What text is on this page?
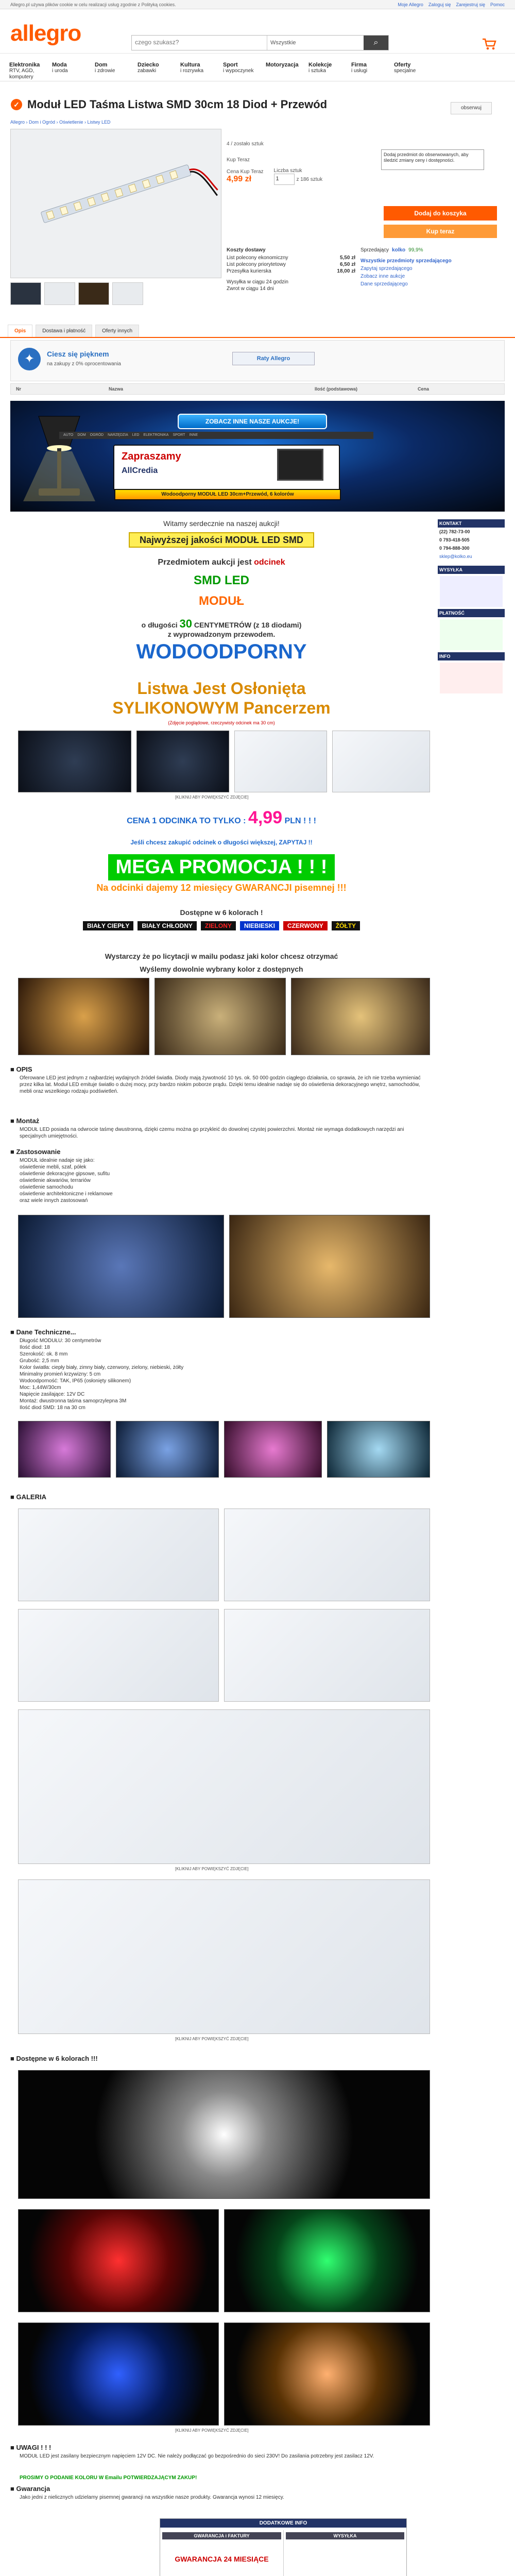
Allegro.pl używa plików cookie w celu realizacji usług zgodnie z Polityką cookies.	Moje Allegro Zaloguj się Zarejestruj się Pomoc
allegro
czego szukasz?	Wszystkie	⌕
Elektronika
RTV, AGD, komputery
Moda
i uroda
Dom
i zdrowie
Dziecko
zabawki
Kultura
i rozrywka
Sport
i wypoczynek
Motoryzacja	Kolekcje
i sztuka
Firma
i usługi
Oferty
specjalne
Dodaj przedmiot do obserwowanych, aby śledzić zmiany ceny i dostępności.
✓ Moduł LED Taśma Listwa SMD 30cm 18 Diod + Przewód	obserwuj
Allegro › Dom i Ogród › Oświetlenie › Listwy LED
4 / zostało sztuk
Kup Teraz
Cena Kup Teraz
4,99 zł
Liczba sztuk
1	z 186 sztuk
Dodaj do koszyka
Kup teraz
Sprzedający kolko 99,9%
Wszystkie przedmioty sprzedającego
Zapytaj sprzedającego
Zobacz inne aukcje
Dane sprzedającego
Koszty dostawy
List polecony ekonomiczny	5,50 zł
List polecony priorytetowy	6,50 zł
Przesyłka kurierska	18,00 zł
Wysyłka w ciągu 24 godzin
Zwrot w ciągu 14 dni
Opis	Dostawa i płatność	Oferty innych
✦	Ciesz się pięknem
na zakupy z 0% oprocentowania
Raty Allegro
Nr	Nazwa	Ilość (podstawowa)	Cena
ZOBACZ INNE NASZE AUKCJE!
AUTO DOM OGRÓD NARZĘDZIA LED ELEKTRONIKA SPORT INNE
Zapraszamy
AllCredia
Wodoodporny MODUŁ LED 30cm+Przewód, 6 kolorów
KONTAKT
(22) 782-73-00
0 793-418-505
0 794-888-300
sklep@kolko.eu
WYSYŁKA
PŁATNOŚĆ
INFO
Witamy serdecznie na naszej aukcji!
Najwyższej jakości MODUŁ LED SMD
Przedmiotem aukcji jest odcinek
SMD LED
MODUŁ
o długości 30 CENTYMETRÓW (z 18 diodami)
z wyprowadzonym przewodem.
WODOODPORNY
Listwa Jest Osłonięta
SYLIKONOWYM Pancerzem
(Zdjęcie poglądowe, rzeczywisty odcinek ma 30 cm)
[KLIKNIJ ABY POWIĘKSZYĆ ZDJĘCIE]
CENA 1 ODCINKA TO TYLKO : 4,99 PLN ! ! !
Jeśli chcesz zakupić odcinek o długości większej, ZAPYTAJ !!
MEGA PROMOCJA ! ! !
Na odcinki dajemy 12 miesięcy GWARANCJI pisemnej !!!
Dostępne w 6 kolorach !
BIAŁY CIEPŁY	BIAŁY CHŁODNY	ZIELONY	NIEBIESKI	CZERWONY	ŻÓŁTY
Wystarczy że po licytacji w mailu podasz jaki kolor chcesz otrzymać
Wyślemy dowolnie wybrany kolor z dostępnych
■ OPIS
Oferowane LED jest jednym z najbardziej wydajnych źródeł światła. Diody mają żywotność 10 tys. ok. 50 000 godzin ciągłego działania, co sprawia, że ich nie trzeba wymieniać przez kilka lat. Moduł LED emituje światło o dużej mocy, przy bardzo niskim poborze prądu. Dzięki temu idealnie nadaje się do oświetlenia dekoracyjnego wnętrz, samochodów, mebli oraz wszelkiego rodzaju podświetleń.
■ Montaż
MODUŁ LED posiada na odwrocie taśmę dwustronną, dzięki czemu można go przykleić do dowolnej czystej powierzchni. Montaż nie wymaga dodatkowych narzędzi ani specjalnych umiejętności.
■ Zastosowanie
MODUŁ idealnie nadaje się jako:
oświetlenie mebli, szaf, półek
oświetlenie dekoracyjne gipsowe, sufitu
oświetlenie akwariów, terrariów
oświetlenie samochodu
oświetlenie architektoniczne i reklamowe
oraz wiele innych zastosowań
■ Dane Techniczne...
Długość MODUŁU: 30 centymetrów
Ilość diod: 18
Szerokość: ok. 8 mm
Grubość: 2,5 mm
Kolor światła: ciepły biały, zimny biały, czerwony, zielony, niebieski, żółty
Minimalny promień krzywizny: 5 cm
Wodoodporność: TAK, IP65 (osłonięty silikonem)
Moc: 1,44W/30cm
Napięcie zasilające: 12V DC
Montaż: dwustronna taśma samoprzylepna 3M
Ilość diod SMD: 18 na 30 cm
■ GALERIA
[KLIKNIJ ABY POWIĘKSZYĆ ZDJĘCIE]
[KLIKNIJ ABY POWIĘKSZYĆ ZDJĘCIE]
■ Dostępne w 6 kolorach !!!
[KLIKNIJ ABY POWIĘKSZYĆ ZDJĘCIE]
■ UWAGI ! ! !
MODUŁ LED jest zasilany bezpiecznym napięciem 12V DC. Nie należy podłączać go bezpośrednio do sieci 230V! Do zasilania potrzebny jest zasilacz 12V.
PROSIMY O PODANIE KOLORU W Emailu POTWIERDZAJĄCYM ZAKUP!
■ Gwarancja
Jako jedni z nielicznych udzielamy pisemnej gwarancji na wszystkie nasze produkty. Gwarancja wynosi 12 miesięcy.
DODATKOWE INFO
GWARANCJA i FAKTURY
GWARANCJA 24 MIESIĄCE
WYSYŁKA
